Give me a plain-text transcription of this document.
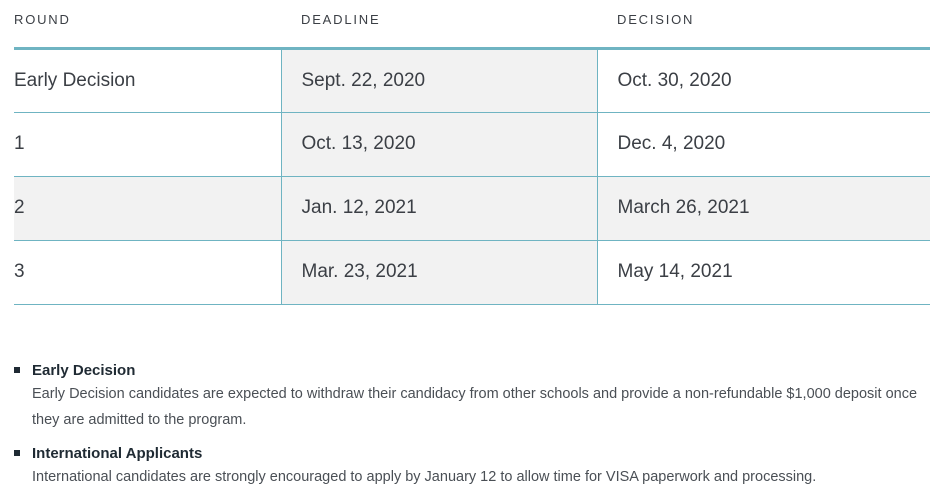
ROUND	DEADLINE	DECISION
Early Decision	Sept. 22, 2020	Oct. 30, 2020
1	Oct. 13, 2020	Dec. 4, 2020
2	Jan. 12, 2021	March 26, 2021
3	Mar. 23, 2021	May 14, 2021
Early Decision
Early Decision candidates are expected to withdraw their candidacy from other schools and provide a non-refundable $1,000 deposit once they are admitted to the program.
International Applicants
International candidates are strongly encouraged to apply by January 12 to allow time for VISA paperwork and processing.
